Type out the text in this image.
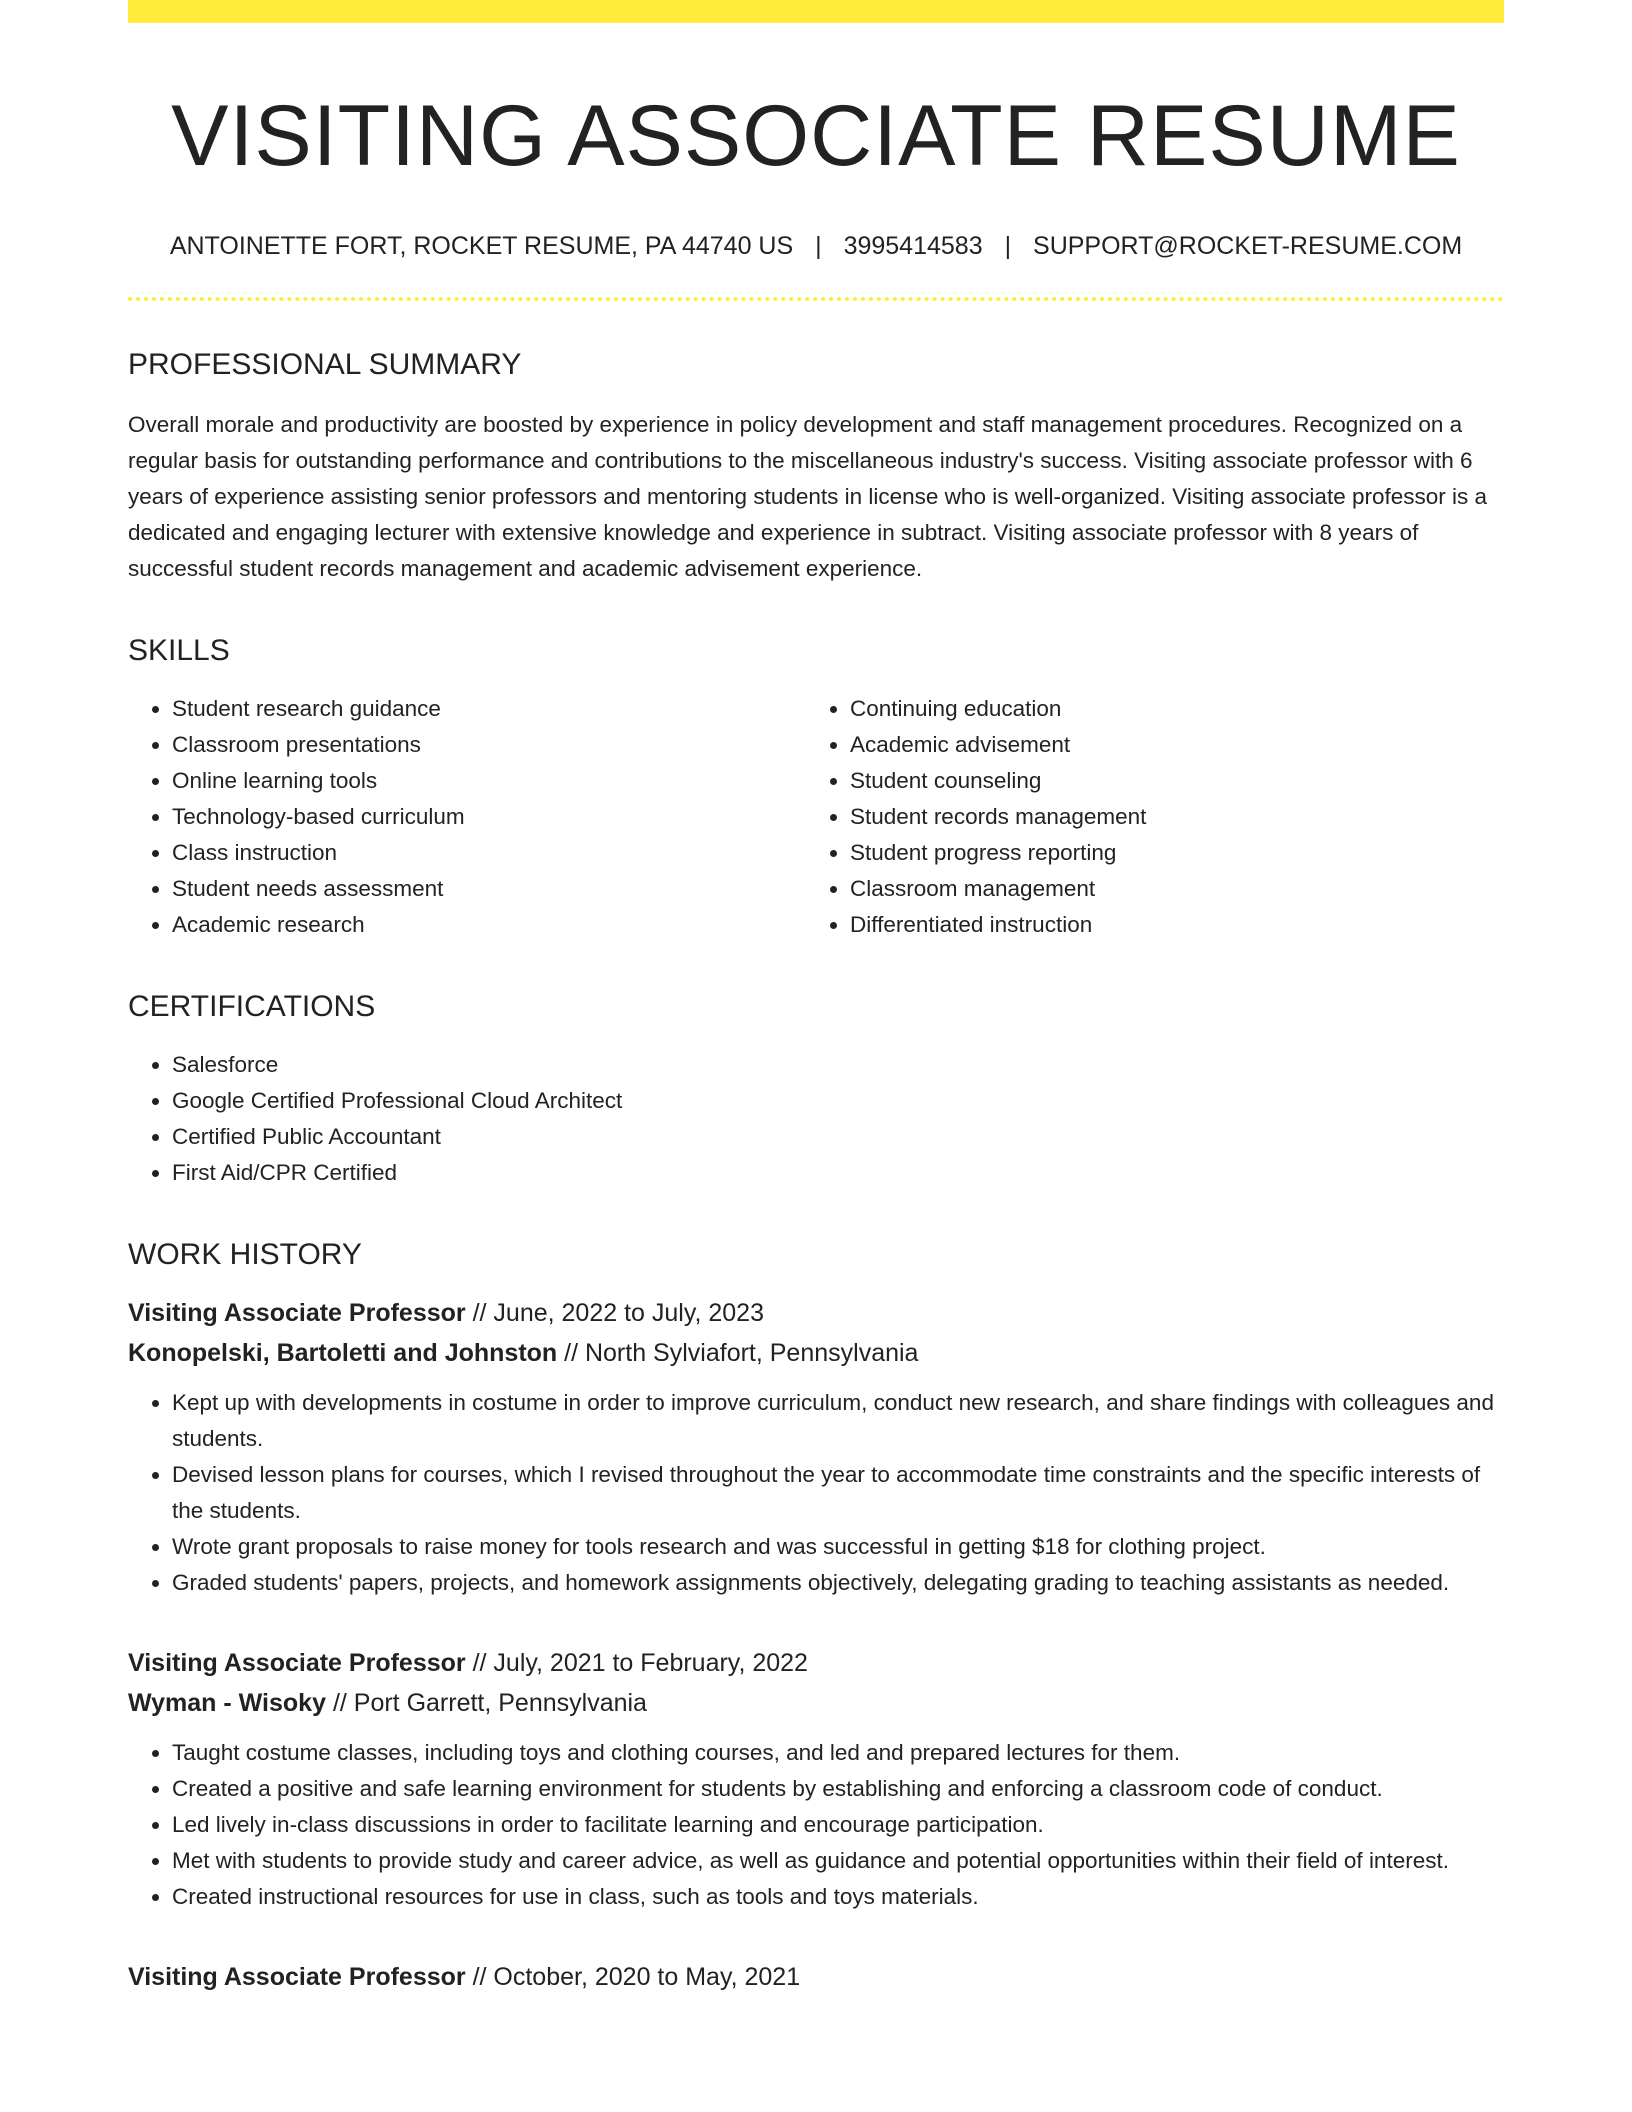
VISITING ASSOCIATE RESUME
ANTOINETTE FORT, ROCKET RESUME, PA 44740 US | 3995414583 | SUPPORT@ROCKET-RESUME.COM
PROFESSIONAL SUMMARY

Overall morale and productivity are boosted by experience in policy development and staff management procedures. Recognized on a regular basis for outstanding performance and contributions to the miscellaneous industry's success. Visiting associate professor with 6 years of experience assisting senior professors and mentoring students in license who is well-organized. Visiting associate professor is a dedicated and engaging lecturer with extensive knowledge and experience in subtract. Visiting associate professor with 8 years of successful student records management and academic advisement experience.

SKILLS
• Student research guidance
• Classroom presentations
• Online learning tools
• Technology-based curriculum
• Class instruction
• Student needs assessment
• Academic research
• Continuing education
• Academic advisement
• Student counseling
• Student records management
• Student progress reporting
• Classroom management
• Differentiated instruction
CERTIFICATIONS
• Salesforce
• Google Certified Professional Cloud Architect
• Certified Public Accountant
• First Aid/CPR Certified
WORK HISTORY
Visiting Associate Professor // June, 2022 to July, 2023
Konopelski, Bartoletti and Johnston // North Sylviafort, Pennsylvania
• Kept up with developments in costume in order to improve curriculum, conduct new research, and share findings with colleagues and students.
• Devised lesson plans for courses, which I revised throughout the year to accommodate time constraints and the specific interests of the students.
• Wrote grant proposals to raise money for tools research and was successful in getting $18 for clothing project.
• Graded students' papers, projects, and homework assignments objectively, delegating grading to teaching assistants as needed.
Visiting Associate Professor // July, 2021 to February, 2022
Wyman - Wisoky // Port Garrett, Pennsylvania
• Taught costume classes, including toys and clothing courses, and led and prepared lectures for them.
• Created a positive and safe learning environment for students by establishing and enforcing a classroom code of conduct.
• Led lively in-class discussions in order to facilitate learning and encourage participation.
• Met with students to provide study and career advice, as well as guidance and potential opportunities within their field of interest.
• Created instructional resources for use in class, such as tools and toys materials.
Visiting Associate Professor // October, 2020 to May, 2021
